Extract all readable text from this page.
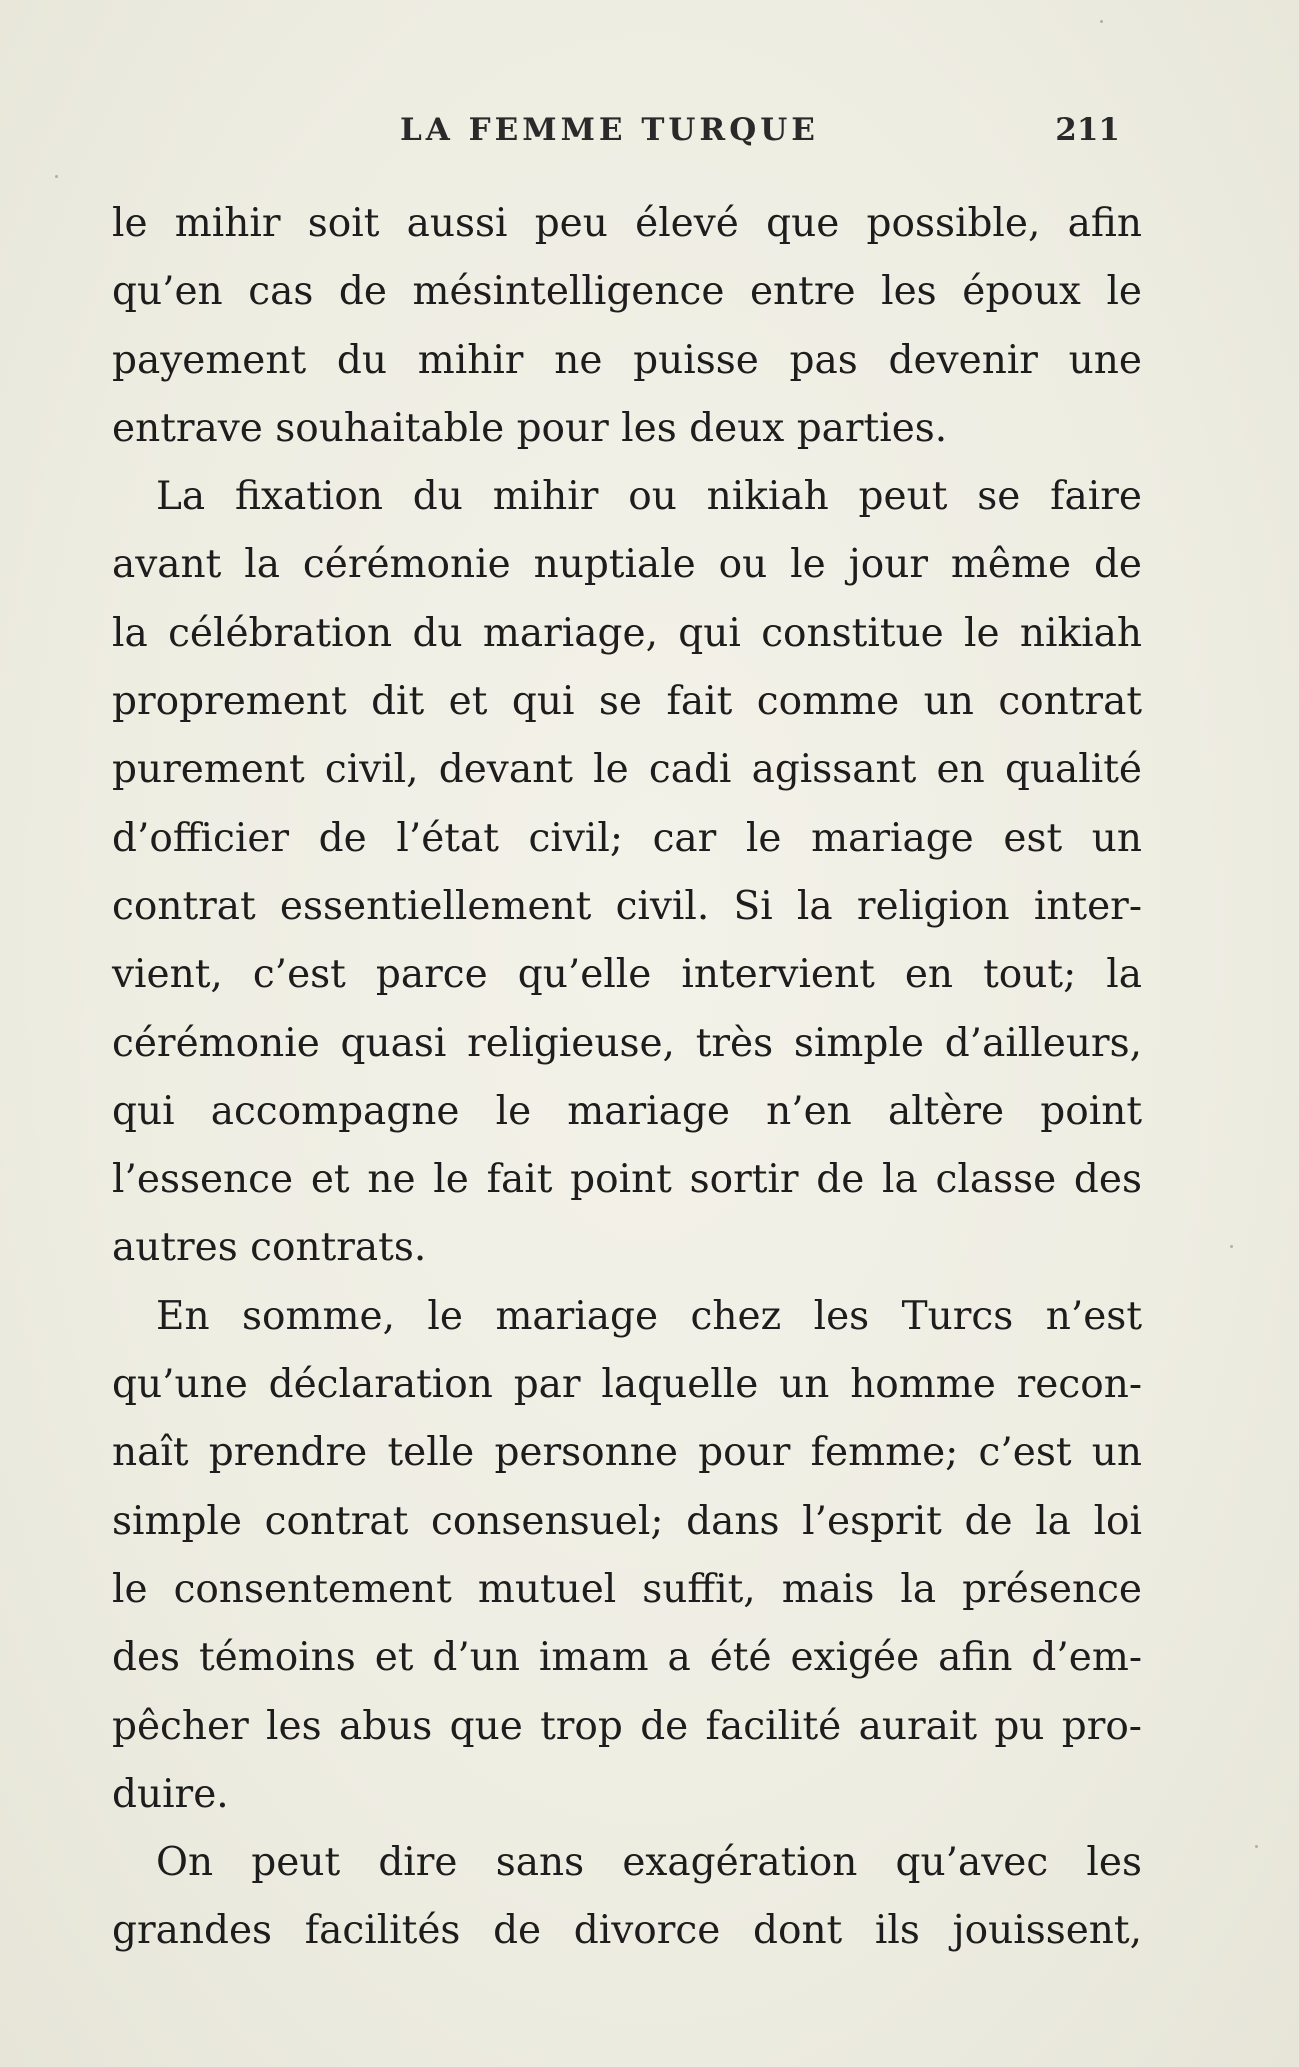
LA FEMME TURQUE	211
le mihir soit aussi peu élevé que possible, afin
qu’en cas de mésintelligence entre les époux le
payement du mihir ne puisse pas devenir une
entrave souhaitable pour les deux parties.
La fixation du mihir ou nikiah peut se faire
avant la cérémonie nuptiale ou le jour même de
la célébration du mariage, qui constitue le nikiah
proprement dit et qui se fait comme un contrat
purement civil, devant le cadi agissant en qualité
d’officier de l’état civil; car le mariage est un
contrat essentiellement civil. Si la religion inter-
vient, c’est parce qu’elle intervient en tout; la
cérémonie quasi religieuse, très simple d’ailleurs,
qui accompagne le mariage n’en altère point
l’essence et ne le fait point sortir de la classe des
autres contrats.
En somme, le mariage chez les Turcs n’est
qu’une déclaration par laquelle un homme recon-
naît prendre telle personne pour femme; c’est un
simple contrat consensuel; dans l’esprit de la loi
le consentement mutuel suffit, mais la présence
des témoins et d’un imam a été exigée afin d’em-
pêcher les abus que trop de facilité aurait pu pro-
duire.
On peut dire sans exagération qu’avec les
grandes facilités de divorce dont ils jouissent,
